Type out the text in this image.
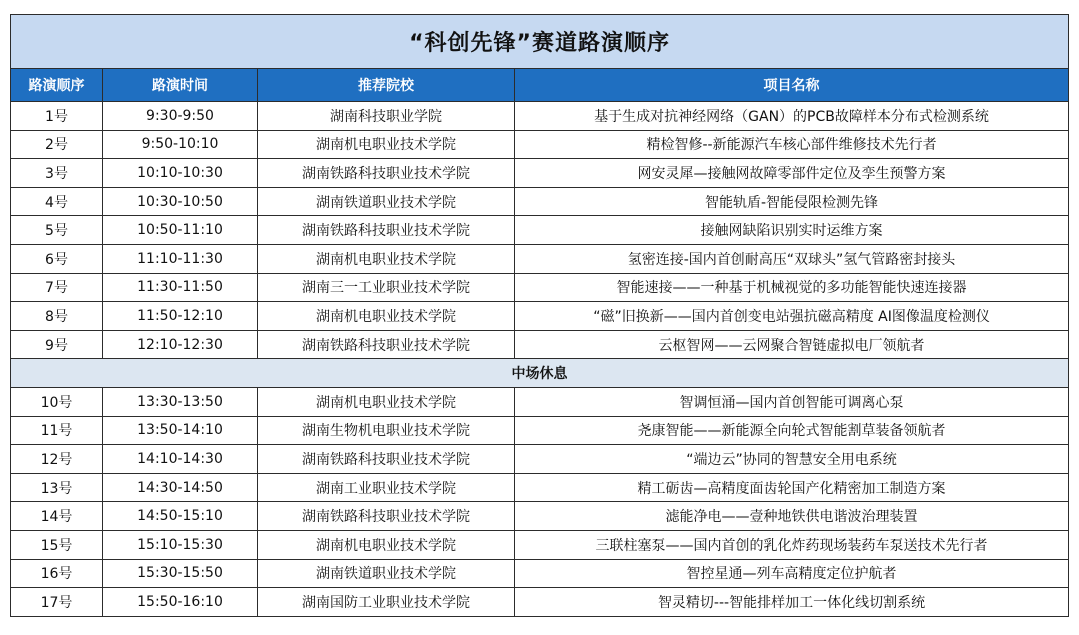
“科创先锋”赛道路演顺序			
路演顺序	路演时间	推荐院校	项目名称
1号	9:30-9:50	湖南科技职业学院	基于生成对抗神经网络（GAN）的PCB故障样本分布式检测系统
2号	9:50-10:10	湖南机电职业技术学院	精检智修--新能源汽车核心部件维修技术先行者
3号	10:10-10:30	湖南铁路科技职业技术学院	网安灵犀—接触网故障零部件定位及孪生预警方案
4号	10:30-10:50	湖南铁道职业技术学院	智能轨盾-智能侵限检测先锋
5号	10:50-11:10	湖南铁路科技职业技术学院	接触网缺陷识别实时运维方案
6号	11:10-11:30	湖南机电职业技术学院	氢密连接-国内首创耐高压“双球头”氢气管路密封接头
7号	11:30-11:50	湖南三一工业职业技术学院	智能速接——一种基于机械视觉的多功能智能快速连接器
8号	11:50-12:10	湖南机电职业技术学院	“磁”旧换新——国内首创变电站强抗磁高精度 AI图像温度检测仪
9号	12:10-12:30	湖南铁路科技职业技术学院	云枢智网——云网聚合智链虚拟电厂领航者
中场休息			
10号	13:30-13:50	湖南机电职业技术学院	智调恒涌—国内首创智能可调离心泵
11号	13:50-14:10	湖南生物机电职业技术学院	尧康智能——新能源全向轮式智能割草装备领航者
12号	14:10-14:30	湖南铁路科技职业技术学院	“端边云”协同的智慧安全用电系统
13号	14:30-14:50	湖南工业职业技术学院	精工砺齿—高精度面齿轮国产化精密加工制造方案
14号	14:50-15:10	湖南铁路科技职业技术学院	滤能净电——壹种地铁供电谐波治理装置
15号	15:10-15:30	湖南机电职业技术学院	三联柱塞泵——国内首创的乳化炸药现场装药车泵送技术先行者
16号	15:30-15:50	湖南铁道职业技术学院	智控星通—列车高精度定位护航者
17号	15:50-16:10	湖南国防工业职业技术学院	智灵精切---智能排样加工一体化线切割系统
